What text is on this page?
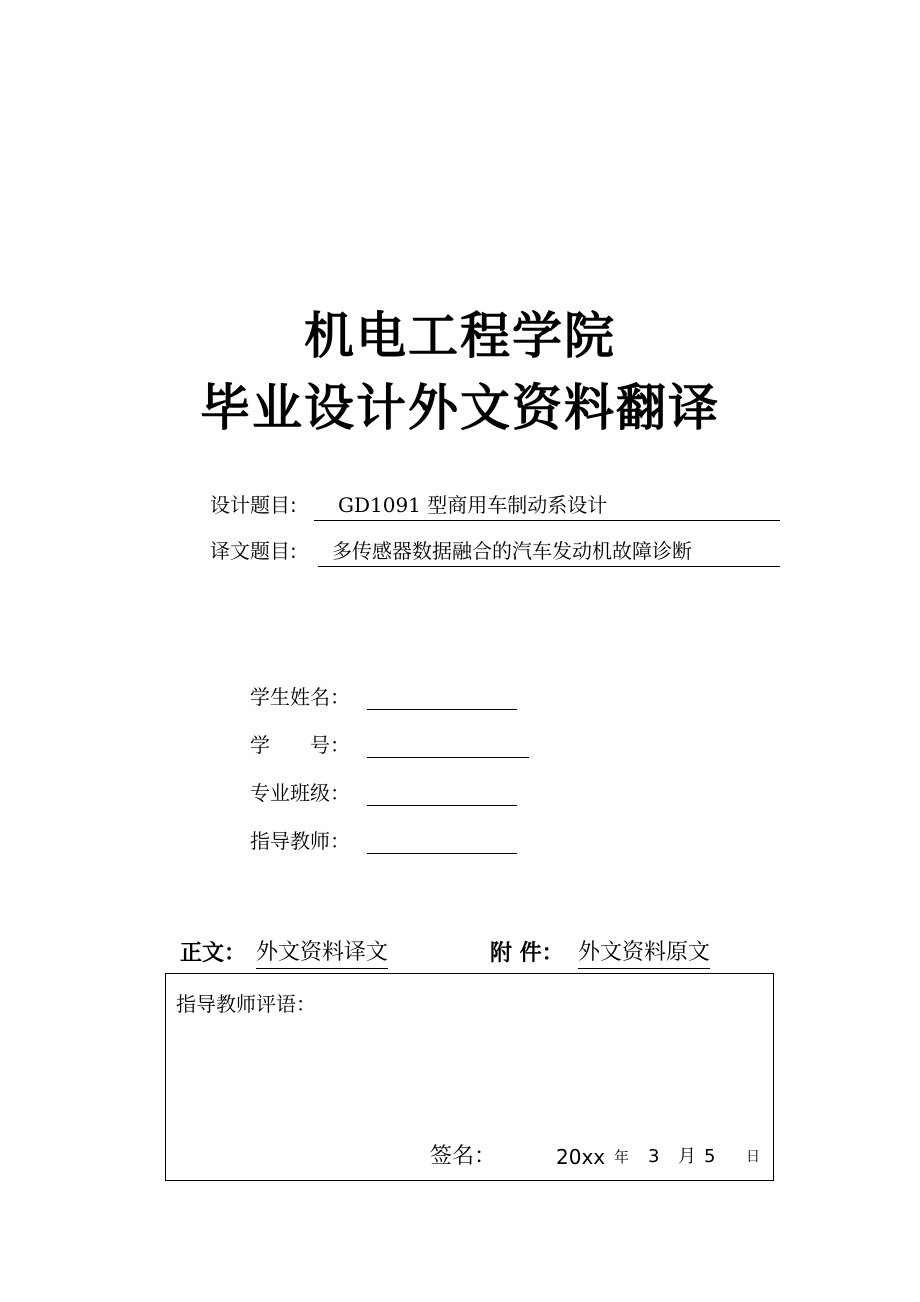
机电工程学院
毕业设计外文资料翻译
设计题目:	GD1091 型商用车制动系设计
译文题目:	多传感器数据融合的汽车发动机故障诊断
学生姓名：
学　　号：
专业班级：
指导教师：
正文： 外文资料译文	附 件： 外文资料原文
指导教师评语：
签名：	20xx 年 3 月 5 日
